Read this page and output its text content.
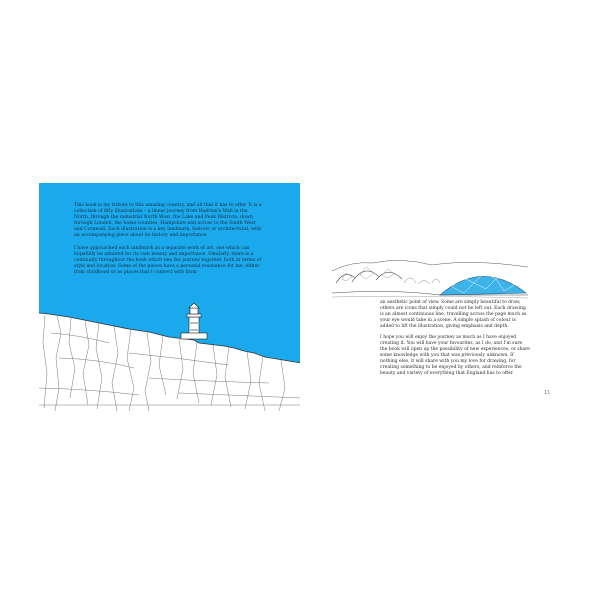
This book is my tribute to this amazing country, and all that it has to offer. It is a collection of fifty illustrations – a linear journey from Hadrian's Wall in the North, through the industrial North West, the Lake and Peak Districts, down through London, the home counties, Hampshire and across to the South West and Cornwall. Each illustration is a key landmark, historic or architectural, with an accompanying piece about its history and importance.

I have approached each landmark as a separate work of art, one which can hopefully be admired for its own beauty and importance. Similarly, there is a continuity throughout the book which ties the journey together, both in terms of style and location. Some of the pieces have a personal resonance for me, either from childhood or as places that I connect with from

an aesthetic point of view. Some are simply beautiful to draw, others are icons that simply could not be left out. Each drawing is an almost continuous line, travelling across the page much as your eye would take in a scene. A simple splash of colour is added to lift the illustration, giving emphasis and depth.

I hope you will enjoy the journey as much as I have enjoyed creating it. You will have your favourites, as I do, and I'm sure the book will open up the possibility of new experiences, or share some knowledge with you that was previously unknown. If nothing else, it will share with you my love for drawing, for creating something to be enjoyed by others, and reinforce the beauty and variety of everything that England has to offer.

11
